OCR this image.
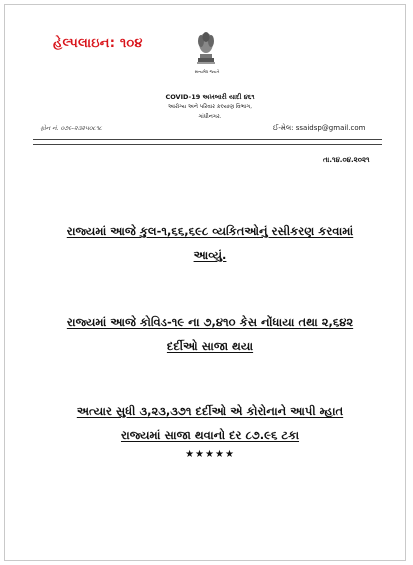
હેલ્પલાઇન: ૧૦૪
સત્યમેવ જયતે
COVID-19 અખબારી યાદી ૪૬૧
આરોગ્ય અને પરિવાર કલ્યાણ વિભાગ,
ગાંધીનગર.
ફોન નં. ૦૭૯-૨૩૨૫૦૮૧૮	ઈ-મેલ: ssaidsp@gmail.com
તા.૧૪.૦૪.૨૦૨૧
રાજ્યમાં આજે કુલ-૧,૬૬,૬૯૮ વ્યકિતઓનું રસીકરણ કરવામાં
આવ્યું.
રાજ્યમાં આજે કોવિડ-૧૯ ના ૭,૪૧૦ કેસ નોંધાયા તથા ૨,૬૪૨
દર્દીઓ સાજા થયા
અત્યાર સુધી ૩,૨૩,૩૭૧ દર્દીઓ એ કોરોનાને આપી મ્હાત
રાજ્યમાં સાજા થવાનો દર ૮૭.૯૬ ટકા
★★★★★
